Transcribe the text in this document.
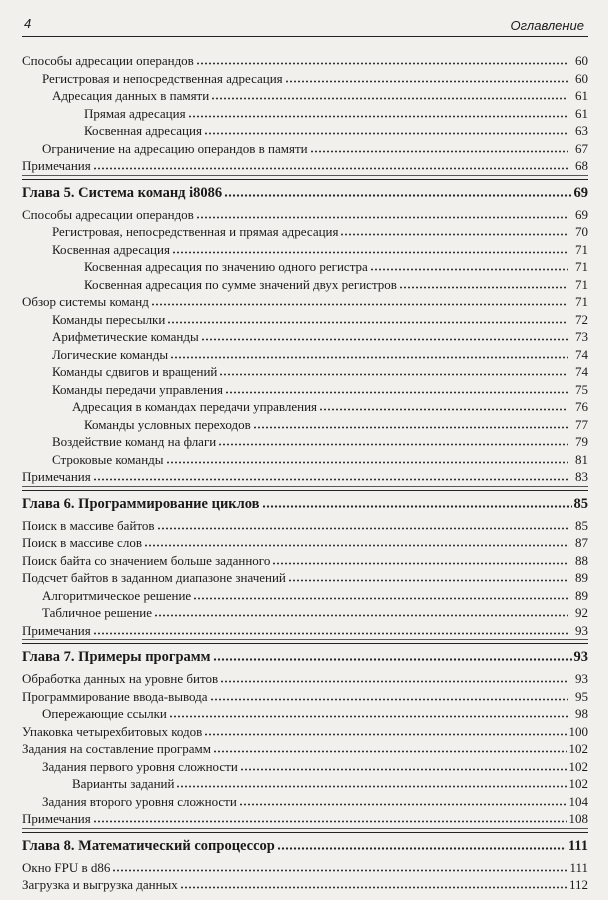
4	Оглавление
Способы адресации операндов	60
Регистровая и непосредственная адресация	60
Адресация данных в памяти	61
Прямая адресация	61
Косвенная адресация	63
Ограничение на адресацию операндов в памяти	67
Примечания	68
Глава 5. Система команд i8086	69
Способы адресации операндов	69
Регистровая, непосредственная и прямая адресация	70
Косвенная адресация	71
Косвенная адресация по значению одного регистра	71
Косвенная адресация по сумме значений двух регистров	71
Обзор системы команд	71
Команды пересылки	72
Арифметические команды	73
Логические команды	74
Команды сдвигов и вращений	74
Команды передачи управления	75
Адресация в командах передачи управления	76
Команды условных переходов	77
Воздействие команд на флаги	79
Строковые команды	81
Примечания	83
Глава 6. Программирование циклов	85
Поиск в массиве байтов	85
Поиск в массиве слов	87
Поиск байта со значением больше заданного	88
Подсчет байтов в заданном диапазоне значений	89
Алгоритмическое решение	89
Табличное решение	92
Примечания	93
Глава 7. Примеры программ	93
Обработка данных на уровне битов	93
Программирование ввода-вывода	95
Опережающие ссылки	98
Упаковка четырехбитовых кодов	100
Задания на составление программ	102
Задания первого уровня сложности	102
Варианты заданий	102
Задания второго уровня сложности	104
Примечания	108
Глава 8. Математический сопроцессор	111
Окно FPU в d86	111
Загрузка и выгрузка данных	112
